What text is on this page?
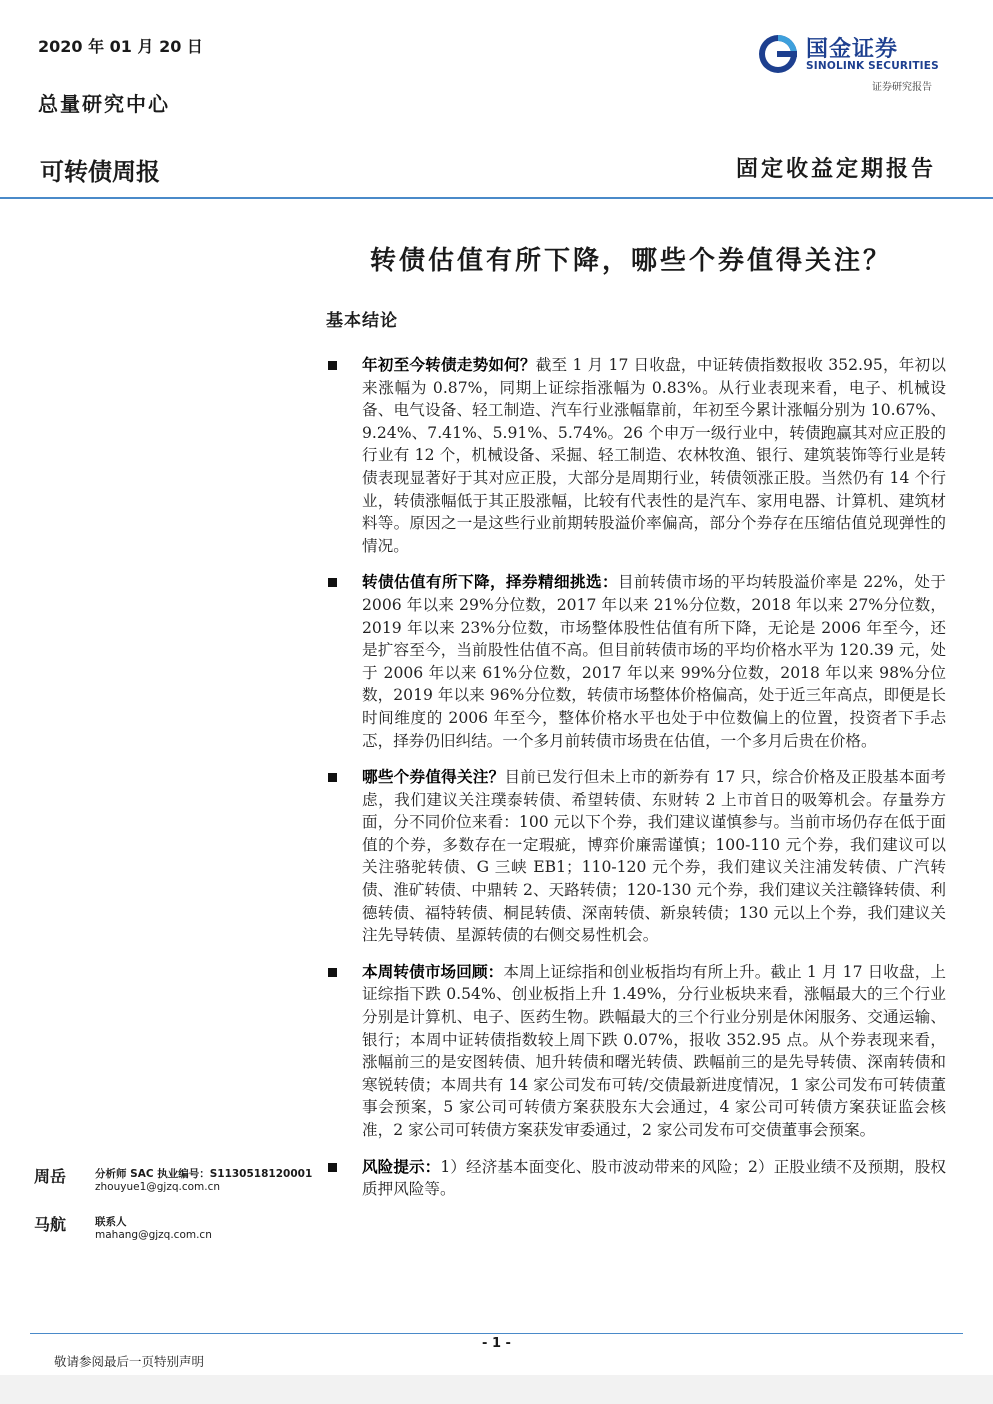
2020 年 01 月 20 日
总量研究中心
国金证券
SINOLINK SECURITIES
证券研究报告
可转债周报	固定收益定期报告
转债估值有所下降，哪些个券值得关注？
基本结论
年初至今转债走势如何？截至 1 月 17 日收盘，中证转债指数报收 352.95，年初以来涨幅为 0.87%，同期上证综指涨幅为 0.83%。从行业表现来看，电子、机械设备、电气设备、轻工制造、汽车行业涨幅靠前，年初至今累计涨幅分别为 10.67%、9.24%、7.41%、5.91%、5.74%。26 个申万一级行业中，转债跑赢其对应正股的行业有 12 个，机械设备、采掘、轻工制造、农林牧渔、银行、建筑装饰等行业是转债表现显著好于其对应正股，大部分是周期行业，转债领涨正股。当然仍有 14 个行业，转债涨幅低于其正股涨幅，比较有代表性的是汽车、家用电器、计算机、建筑材料等。原因之一是这些行业前期转股溢价率偏高，部分个券存在压缩估值兑现弹性的情况。
转债估值有所下降，择券精细挑选：目前转债市场的平均转股溢价率是 22%，处于 2006 年以来 29%分位数，2017 年以来 21%分位数，2018 年以来 27%分位数，2019 年以来 23%分位数，市场整体股性估值有所下降，无论是 2006 年至今，还是扩容至今，当前股性估值不高。但目前转债市场的平均价格水平为 120.39 元，处于 2006 年以来 61%分位数，2017 年以来 99%分位数，2018 年以来 98%分位数，2019 年以来 96%分位数，转债市场整体价格偏高，处于近三年高点，即便是长时间维度的 2006 年至今，整体价格水平也处于中位数偏上的位置，投资者下手忐忑，择券仍旧纠结。一个多月前转债市场贵在估值，一个多月后贵在价格。
哪些个券值得关注？目前已发行但未上市的新券有 17 只，综合价格及正股基本面考虑，我们建议关注璞泰转债、希望转债、东财转 2 上市首日的吸筹机会。存量券方面，分不同价位来看：100 元以下个券，我们建议谨慎参与。当前市场仍存在低于面值的个券，多数存在一定瑕疵，博弈价廉需谨慎；100-110 元个券，我们建议可以关注骆驼转债、G 三峡 EB1；110-120 元个券，我们建议关注浦发转债、广汽转债、淮矿转债、中鼎转 2、天路转债；120-130 元个券，我们建议关注赣锋转债、利德转债、福特转债、桐昆转债、深南转债、新泉转债；130 元以上个券，我们建议关注先导转债、星源转债的右侧交易性机会。
本周转债市场回顾：本周上证综指和创业板指均有所上升。截止 1 月 17 日收盘，上证综指下跌 0.54%、创业板指上升 1.49%，分行业板块来看，涨幅最大的三个行业分别是计算机、电子、医药生物。跌幅最大的三个行业分别是休闲服务、交通运输、银行；本周中证转债指数较上周下跌 0.07%，报收 352.95 点。从个券表现来看，涨幅前三的是安图转债、旭升转债和曙光转债、跌幅前三的是先导转债、深南转债和寒锐转债；本周共有 14 家公司发布可转/交债最新进度情况，1 家公司发布可转债董事会预案，5 家公司可转债方案获股东大会通过，4 家公司可转债方案获证监会核准，2 家公司可转债方案获发审委通过，2 家公司发布可交债董事会预案。
风险提示：1）经济基本面变化、股市波动带来的风险；2）正股业绩不及预期，股权质押风险等。
周岳	分析师 SAC 执业编号：S1130518120001
zhouyue1@gjzq.com.cn
马航	联系人
mahang@gjzq.com.cn
- 1 -
敬请参阅最后一页特别声明
